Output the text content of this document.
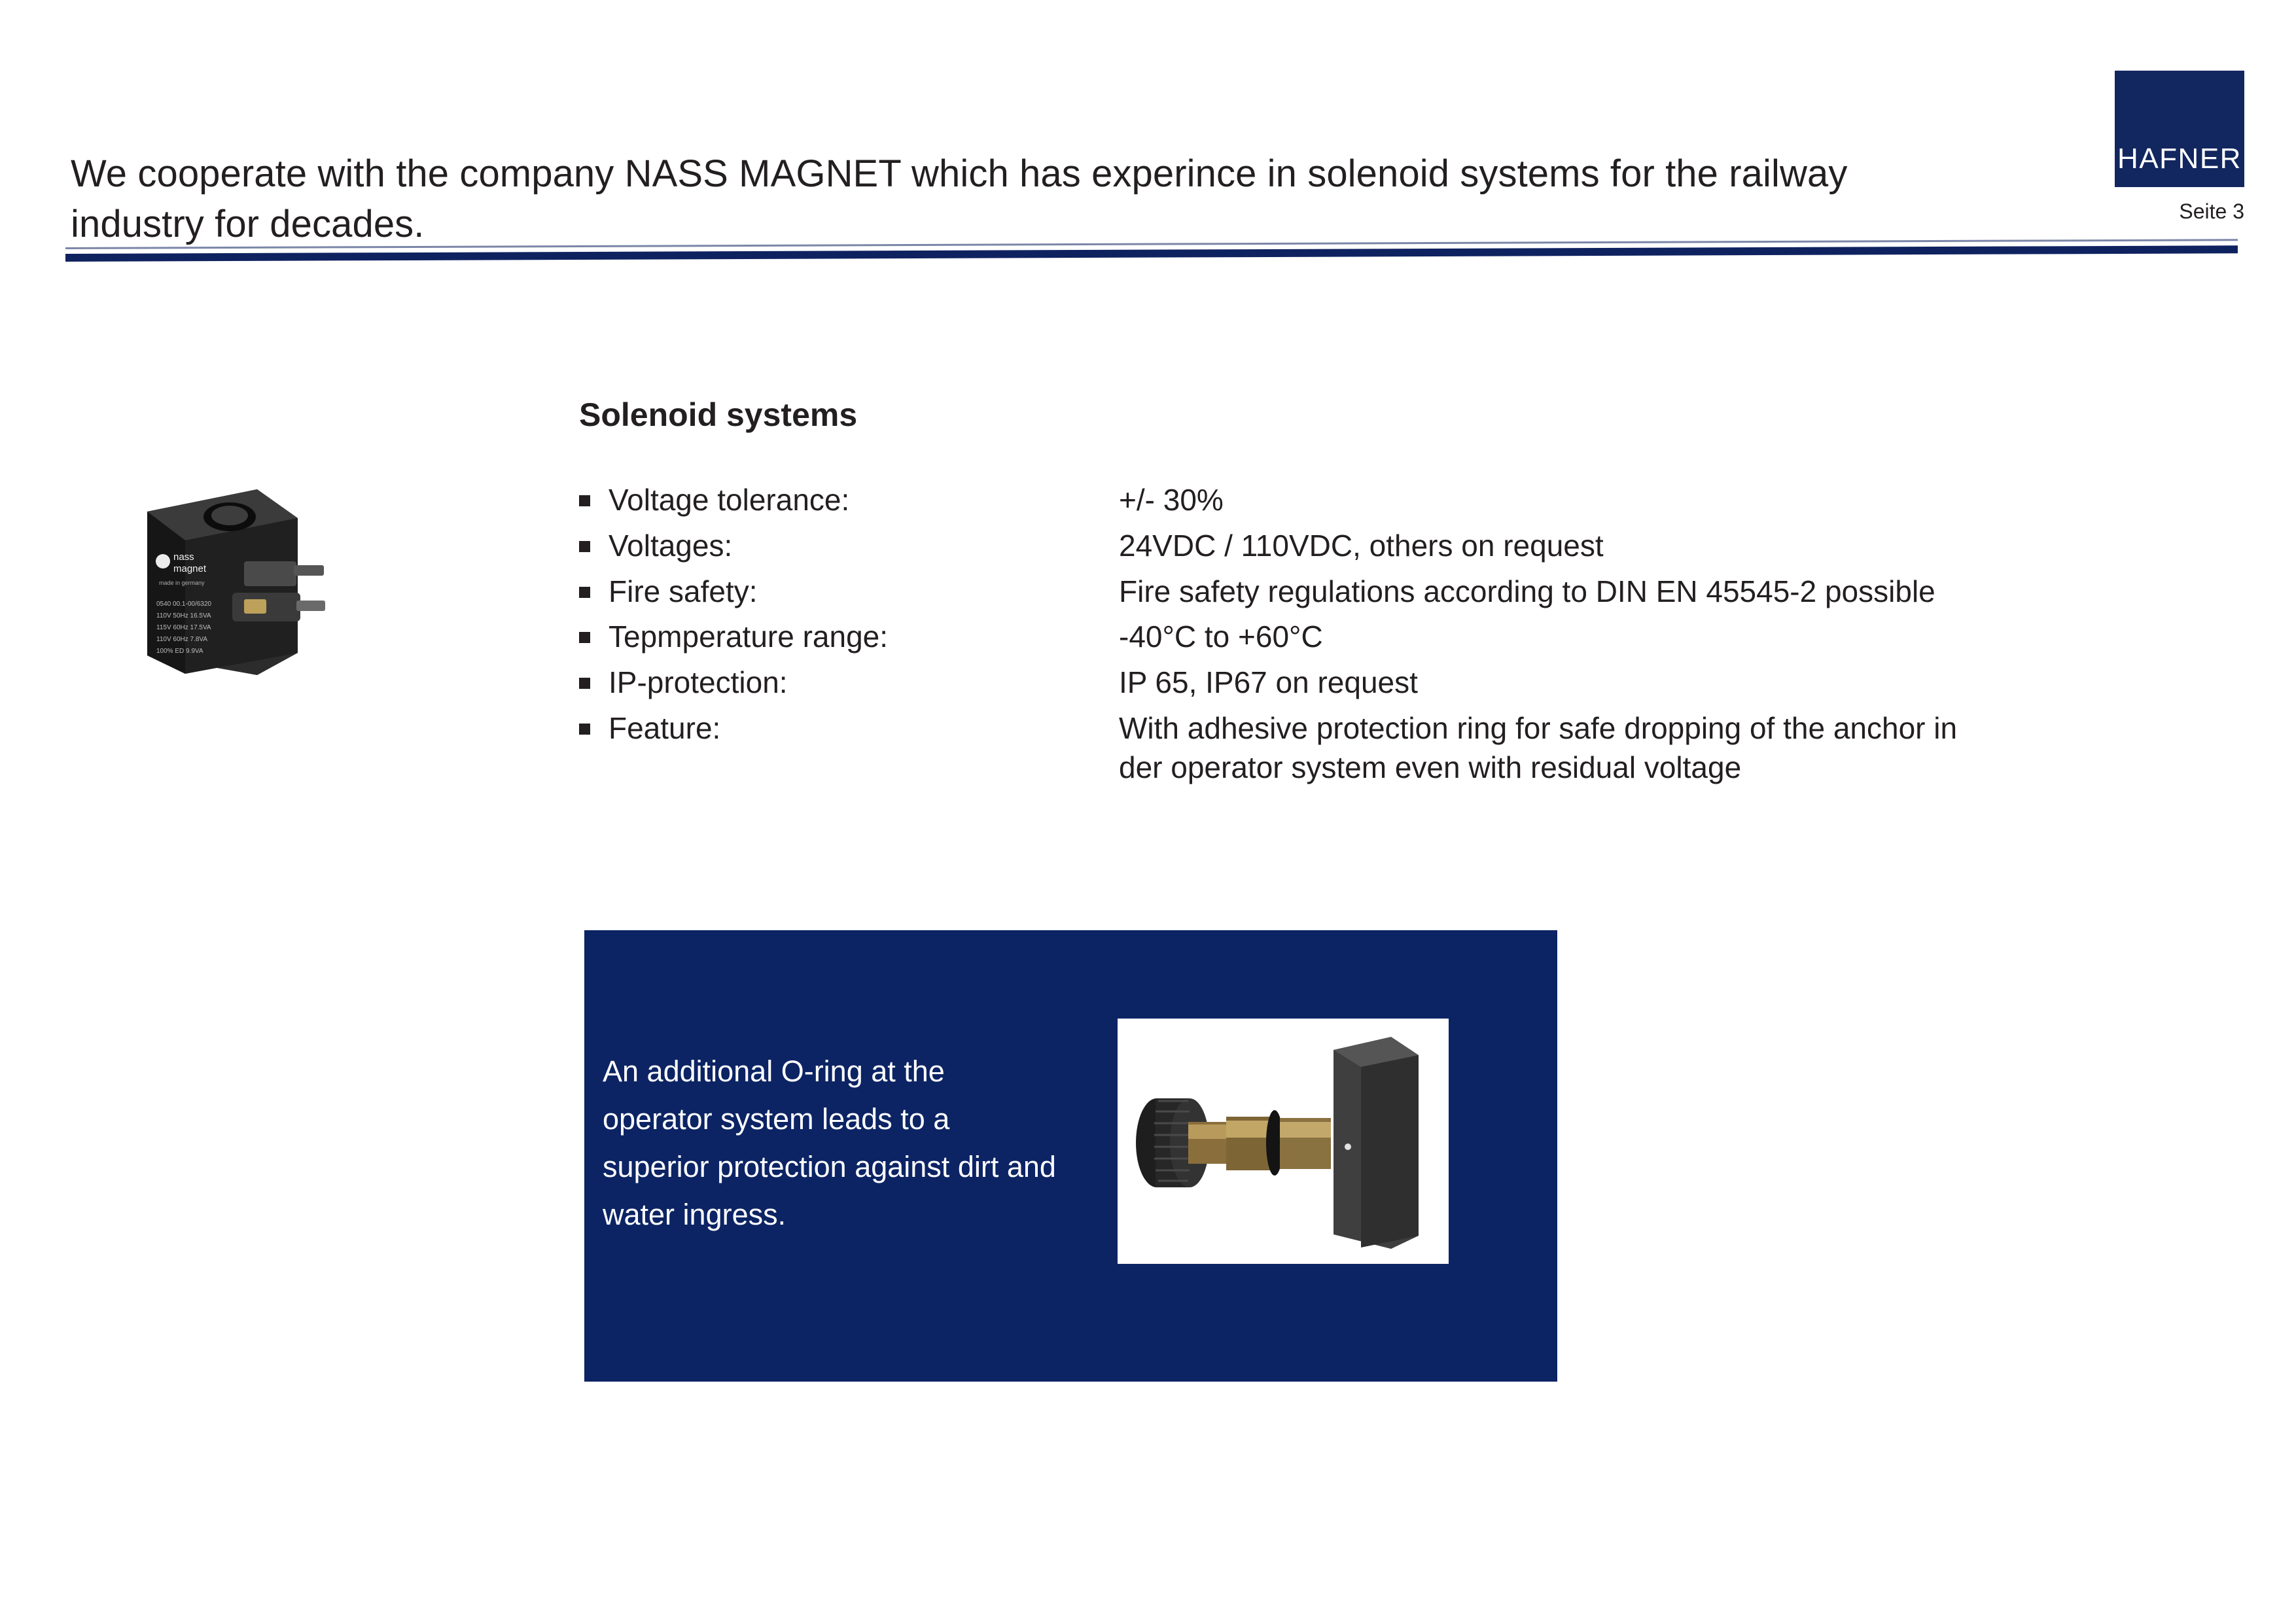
We cooperate with the company NASS MAGNET which has experince in solenoid systems for the railway industry for decades.
HAFNER
Seite 3
nass
magnet
made in germany
0540 00.1-00/6320
110V 50Hz 16.5VA
115V 60Hz 17.5VA
110V 60Hz 7.8VA
100% ED 9.9VA
Solenoid systems
Voltage tolerance:	+/- 30%
Voltages:	24VDC / 110VDC, others on request
Fire safety:	Fire safety regulations according to DIN EN 45545-2 possible
Tepmperature range:	-40°C to +60°C
IP-protection:	IP 65, IP67 on request
Feature:	With adhesive protection ring for safe dropping of the anchor in
der operator system even with residual voltage
An additional O-ring at the operator system leads to a superior protection against dirt and water ingress.
